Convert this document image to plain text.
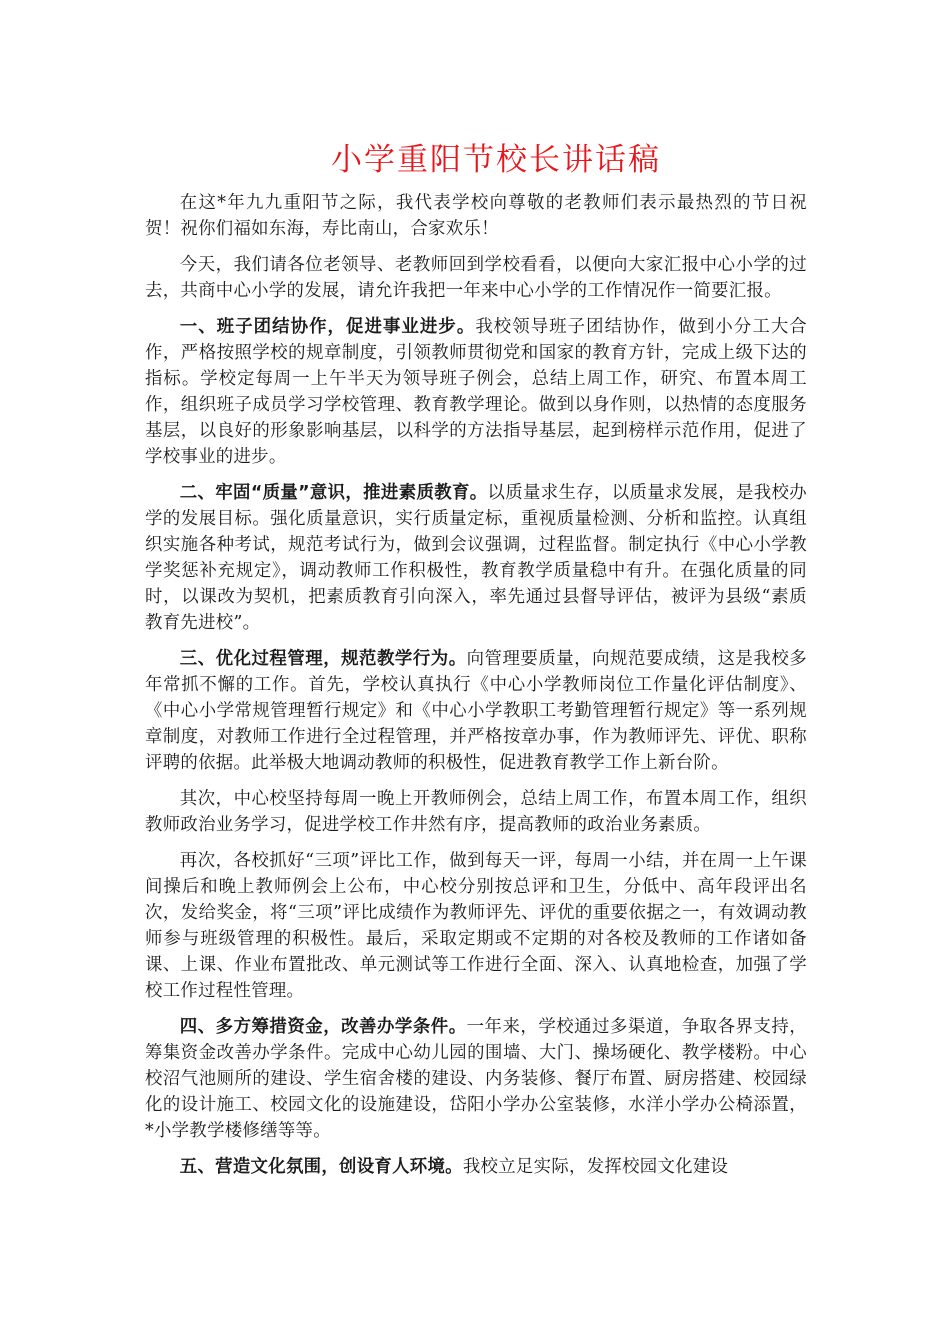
小学重阳节校长讲话稿

在这*年九九重阳节之际，我代表学校向尊敬的老教师们表示最热烈的节日祝贺！祝你们福如东海，寿比南山，合家欢乐！

今天，我们请各位老领导、老教师回到学校看看，以便向大家汇报中心小学的过去，共商中心小学的发展，请允许我把一年来中心小学的工作情况作一简要汇报。

一、班子团结协作，促进事业进步。我校领导班子团结协作，做到小分工大合作，严格按照学校的规章制度，引领教师贯彻党和国家的教育方针，完成上级下达的指标。学校定每周一上午半天为领导班子例会，总结上周工作，研究、布置本周工作，组织班子成员学习学校管理、教育教学理论。做到以身作则，以热情的态度服务基层，以良好的形象影响基层，以科学的方法指导基层，起到榜样示范作用，促进了学校事业的进步。

二、牢固“质量”意识，推进素质教育。以质量求生存，以质量求发展，是我校办学的发展目标。强化质量意识，实行质量定标，重视质量检测、分析和监控。认真组织实施各种考试，规范考试行为，做到会议强调，过程监督。制定执行《中心小学教学奖惩补充规定》，调动教师工作积极性，教育教学质量稳中有升。在强化质量的同时，以课改为契机，把素质教育引向深入，率先通过县督导评估，被评为县级“素质教育先进校”。

三、优化过程管理，规范教学行为。向管理要质量，向规范要成绩，这是我校多年常抓不懈的工作。首先，学校认真执行《中心小学教师岗位工作量化评估制度》、《中心小学常规管理暂行规定》和《中心小学教职工考勤管理暂行规定》等一系列规章制度，对教师工作进行全过程管理，并严格按章办事，作为教师评先、评优、职称评聘的依据。此举极大地调动教师的积极性，促进教育教学工作上新台阶。

其次，中心校坚持每周一晚上开教师例会，总结上周工作，布置本周工作，组织教师政治业务学习，促进学校工作井然有序，提高教师的政治业务素质。

再次，各校抓好“三项”评比工作，做到每天一评，每周一小结，并在周一上午课间操后和晚上教师例会上公布，中心校分别按总评和卫生，分低中、高年段评出名次，发给奖金，将“三项”评比成绩作为教师评先、评优的重要依据之一，有效调动教师参与班级管理的积极性。最后，采取定期或不定期的对各校及教师的工作诸如备课、上课、作业布置批改、单元测试等工作进行全面、深入、认真地检查，加强了学校工作过程性管理。

四、多方筹措资金，改善办学条件。一年来，学校通过多渠道，争取各界支持，筹集资金改善办学条件。完成中心幼儿园的围墙、大门、操场硬化、教学楼粉。中心校沼气池厕所的建设、学生宿舍楼的建设、内务装修、餐厅布置、厨房搭建、校园绿化的设计施工、校园文化的设施建设，岱阳小学办公室装修，水洋小学办公椅添置，*小学教学楼修缮等等。

五、营造文化氛围，创设育人环境。我校立足实际，发挥校园文化建设
